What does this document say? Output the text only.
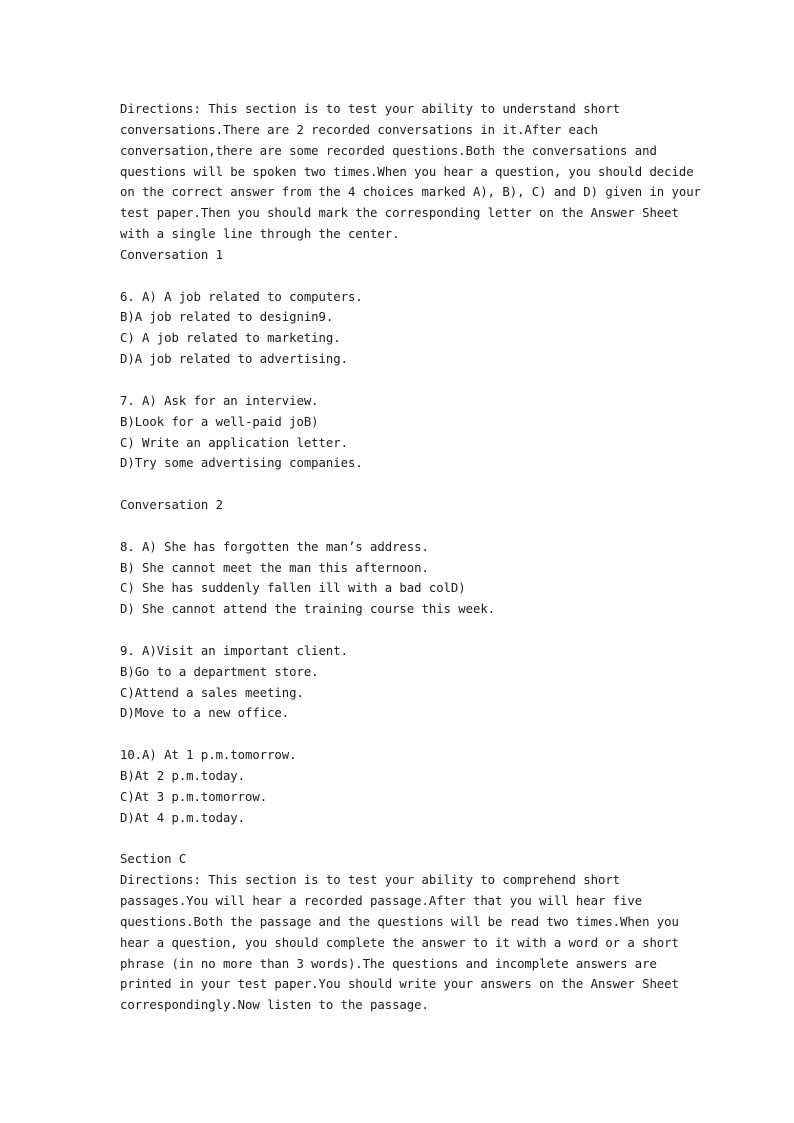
Directions: This section is to test your ability to understand short
conversations.There are 2 recorded conversations in it.After each
conversation,there are some recorded questions.Both the conversations and
questions will be spoken two times.When you hear a question, you should decide
on the correct answer from the 4 choices marked A), B), C) and D) given in your
test paper.Then you should mark the corresponding letter on the Answer Sheet
with a single line through the center.
Conversation 1
6. A) A job related to computers.
B)A job related to designin9.
C) A job related to marketing.
D)A job related to advertising.
7. A) Ask for an interview.
B)Look for a well-paid joB)
C) Write an application letter.
D)Try some advertising companies.
Conversation 2
8. A) She has forgotten the man’s address.
B) She cannot meet the man this afternoon.
C) She has suddenly fallen ill with a bad colD)
D) She cannot attend the training course this week.
9. A)Visit an important client.
B)Go to a department store.
C)Attend a sales meeting.
D)Move to a new office.
10.A) At 1 p.m.tomorrow.
B)At 2 p.m.today.
C)At 3 p.m.tomorrow.
D)At 4 p.m.today.
Section C
Directions: This section is to test your ability to comprehend short
passages.You will hear a recorded passage.After that you will hear five
questions.Both the passage and the questions will be read two times.When you
hear a question, you should complete the answer to it with a word or a short
phrase (in no more than 3 words).The questions and incomplete answers are
printed in your test paper.You should write your answers on the Answer Sheet
correspondingly.Now listen to the passage.
